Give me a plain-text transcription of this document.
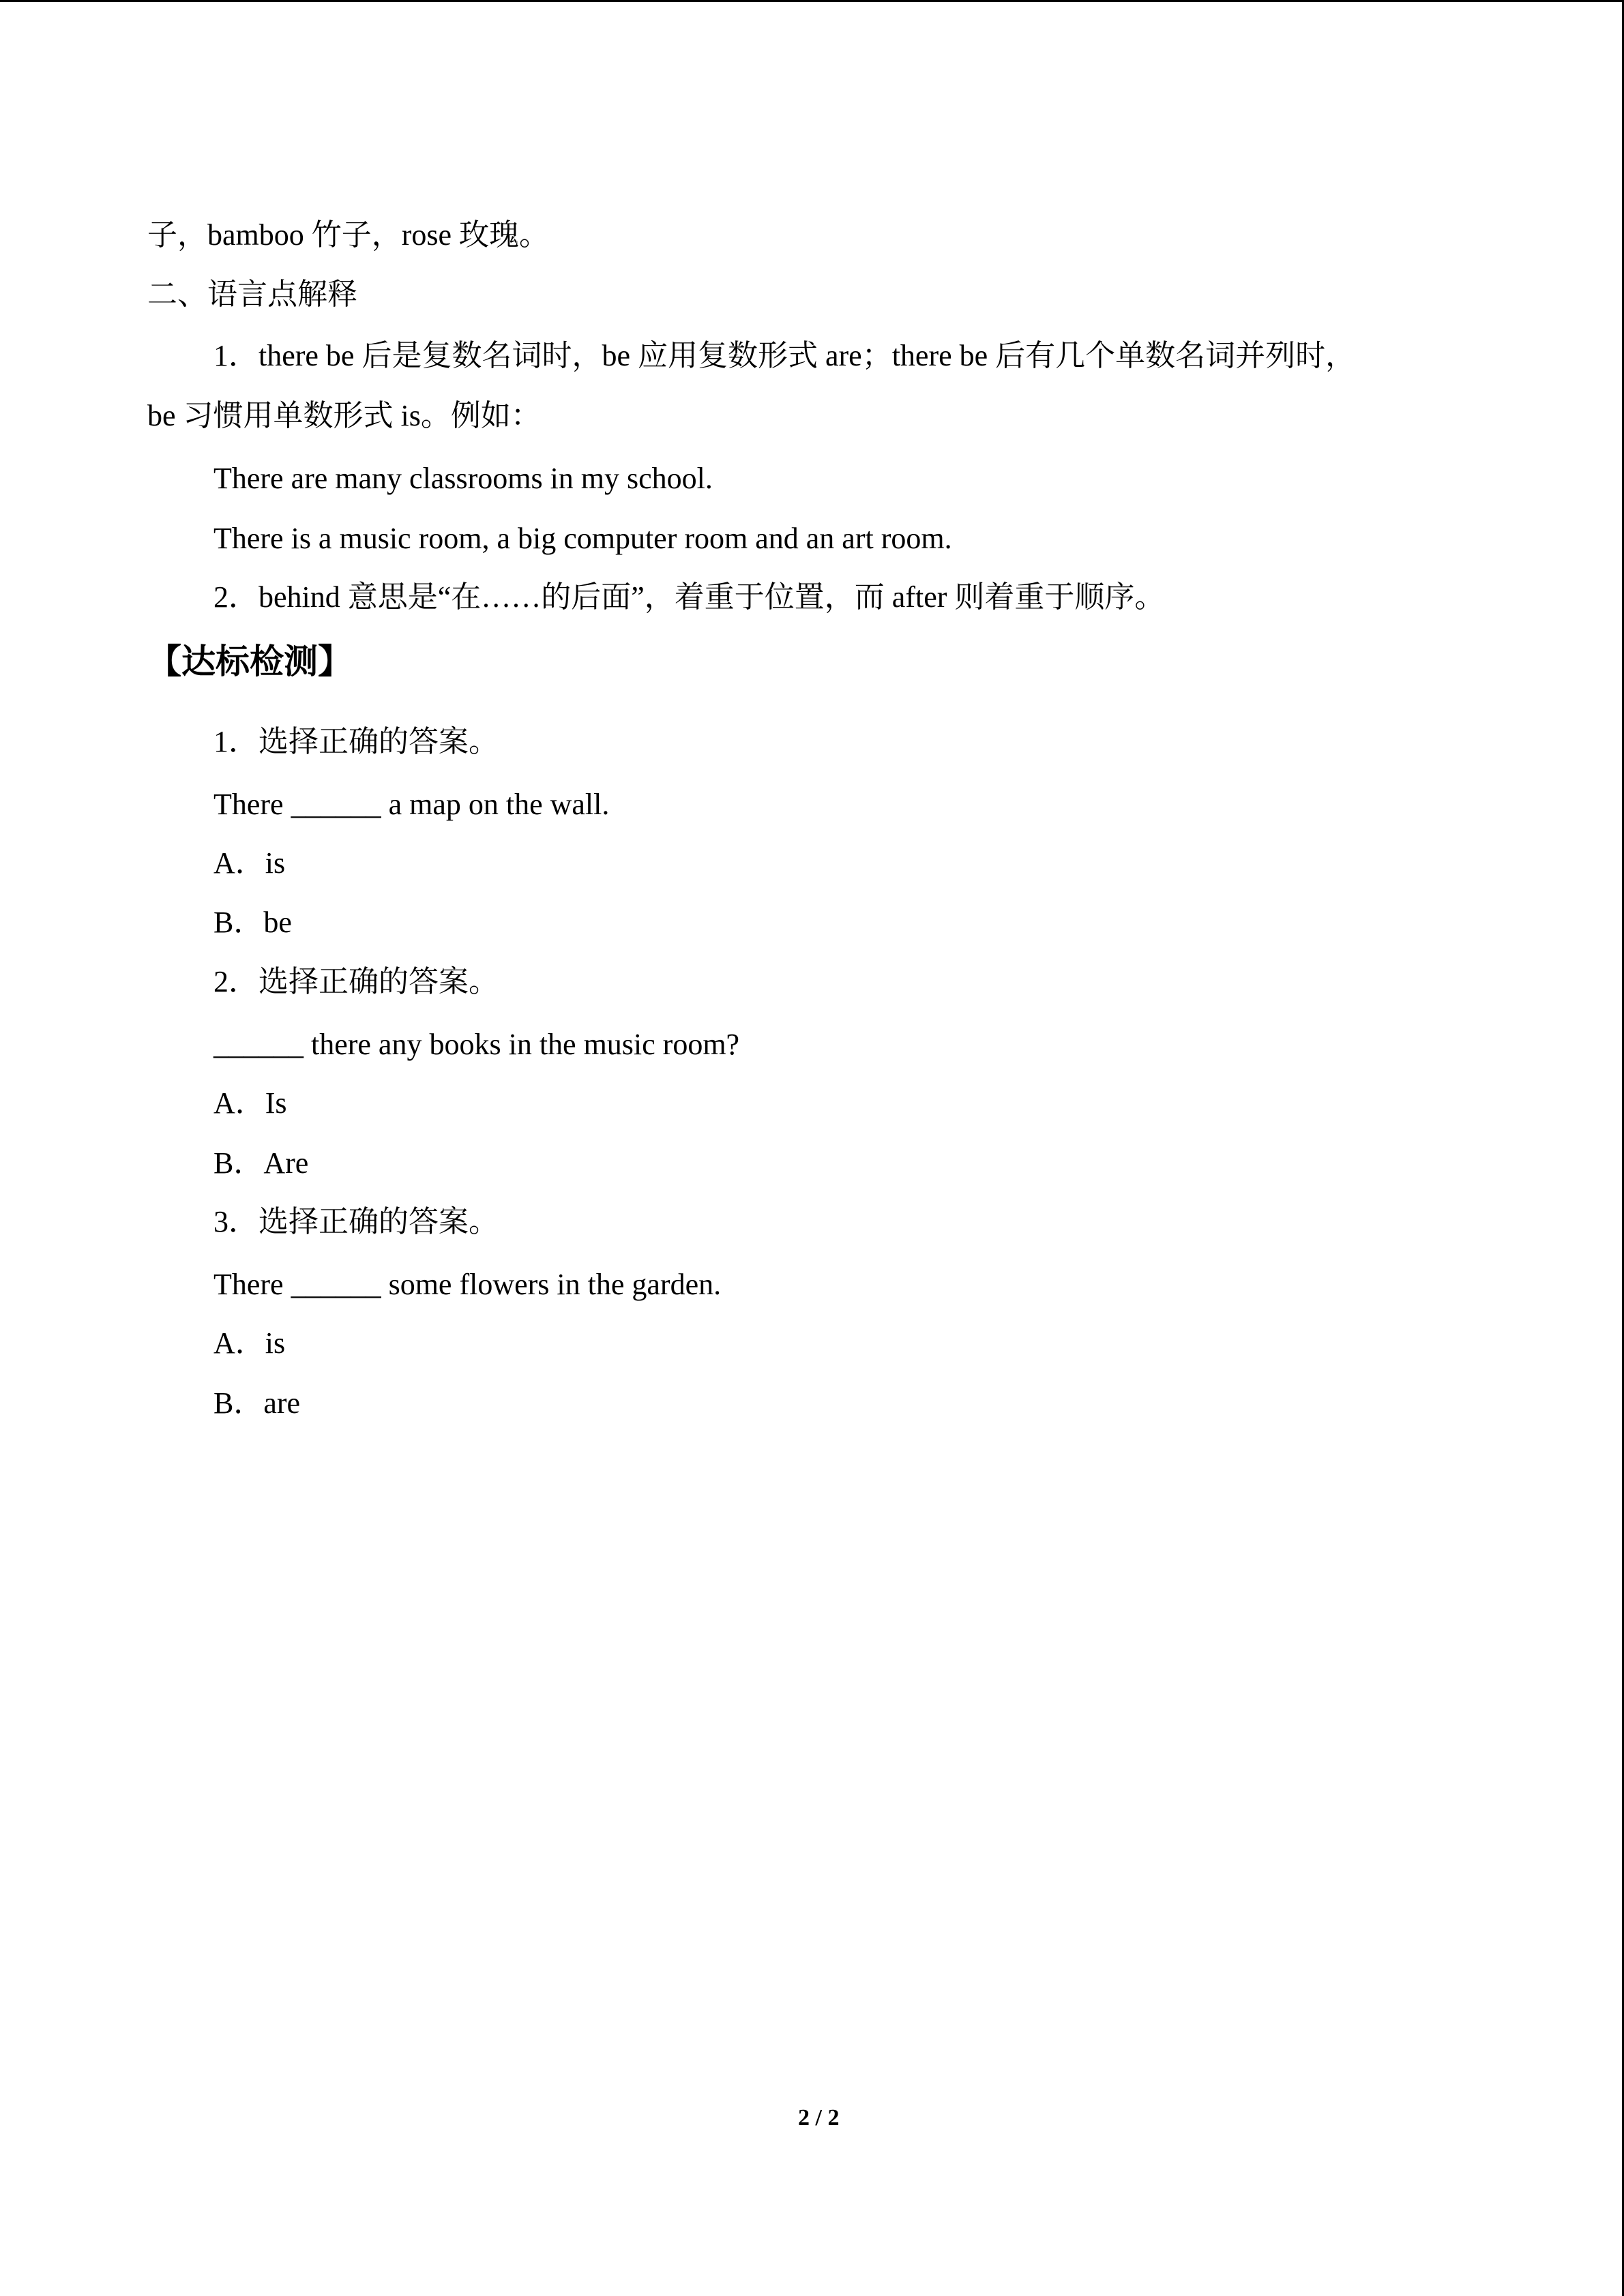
子，bamboo 竹子，rose 玫瑰。
二、语言点解释
1．there be 后是复数名词时，be 应用复数形式 are；there be 后有几个单数名词并列时，
be 习惯用单数形式 is。例如：
There are many classrooms in my school.
There is a music room, a big computer room and an art room.
2．behind 意思是“在……的后面”，着重于位置，而 after 则着重于顺序。
【达标检测】
1．选择正确的答案。
There ______ a map on the wall.
A．is
B．be
2．选择正确的答案。
______ there any books in the music room?
A．Is
B．Are
3．选择正确的答案。
There ______ some flowers in the garden.
A．is
B．are
2 / 2
